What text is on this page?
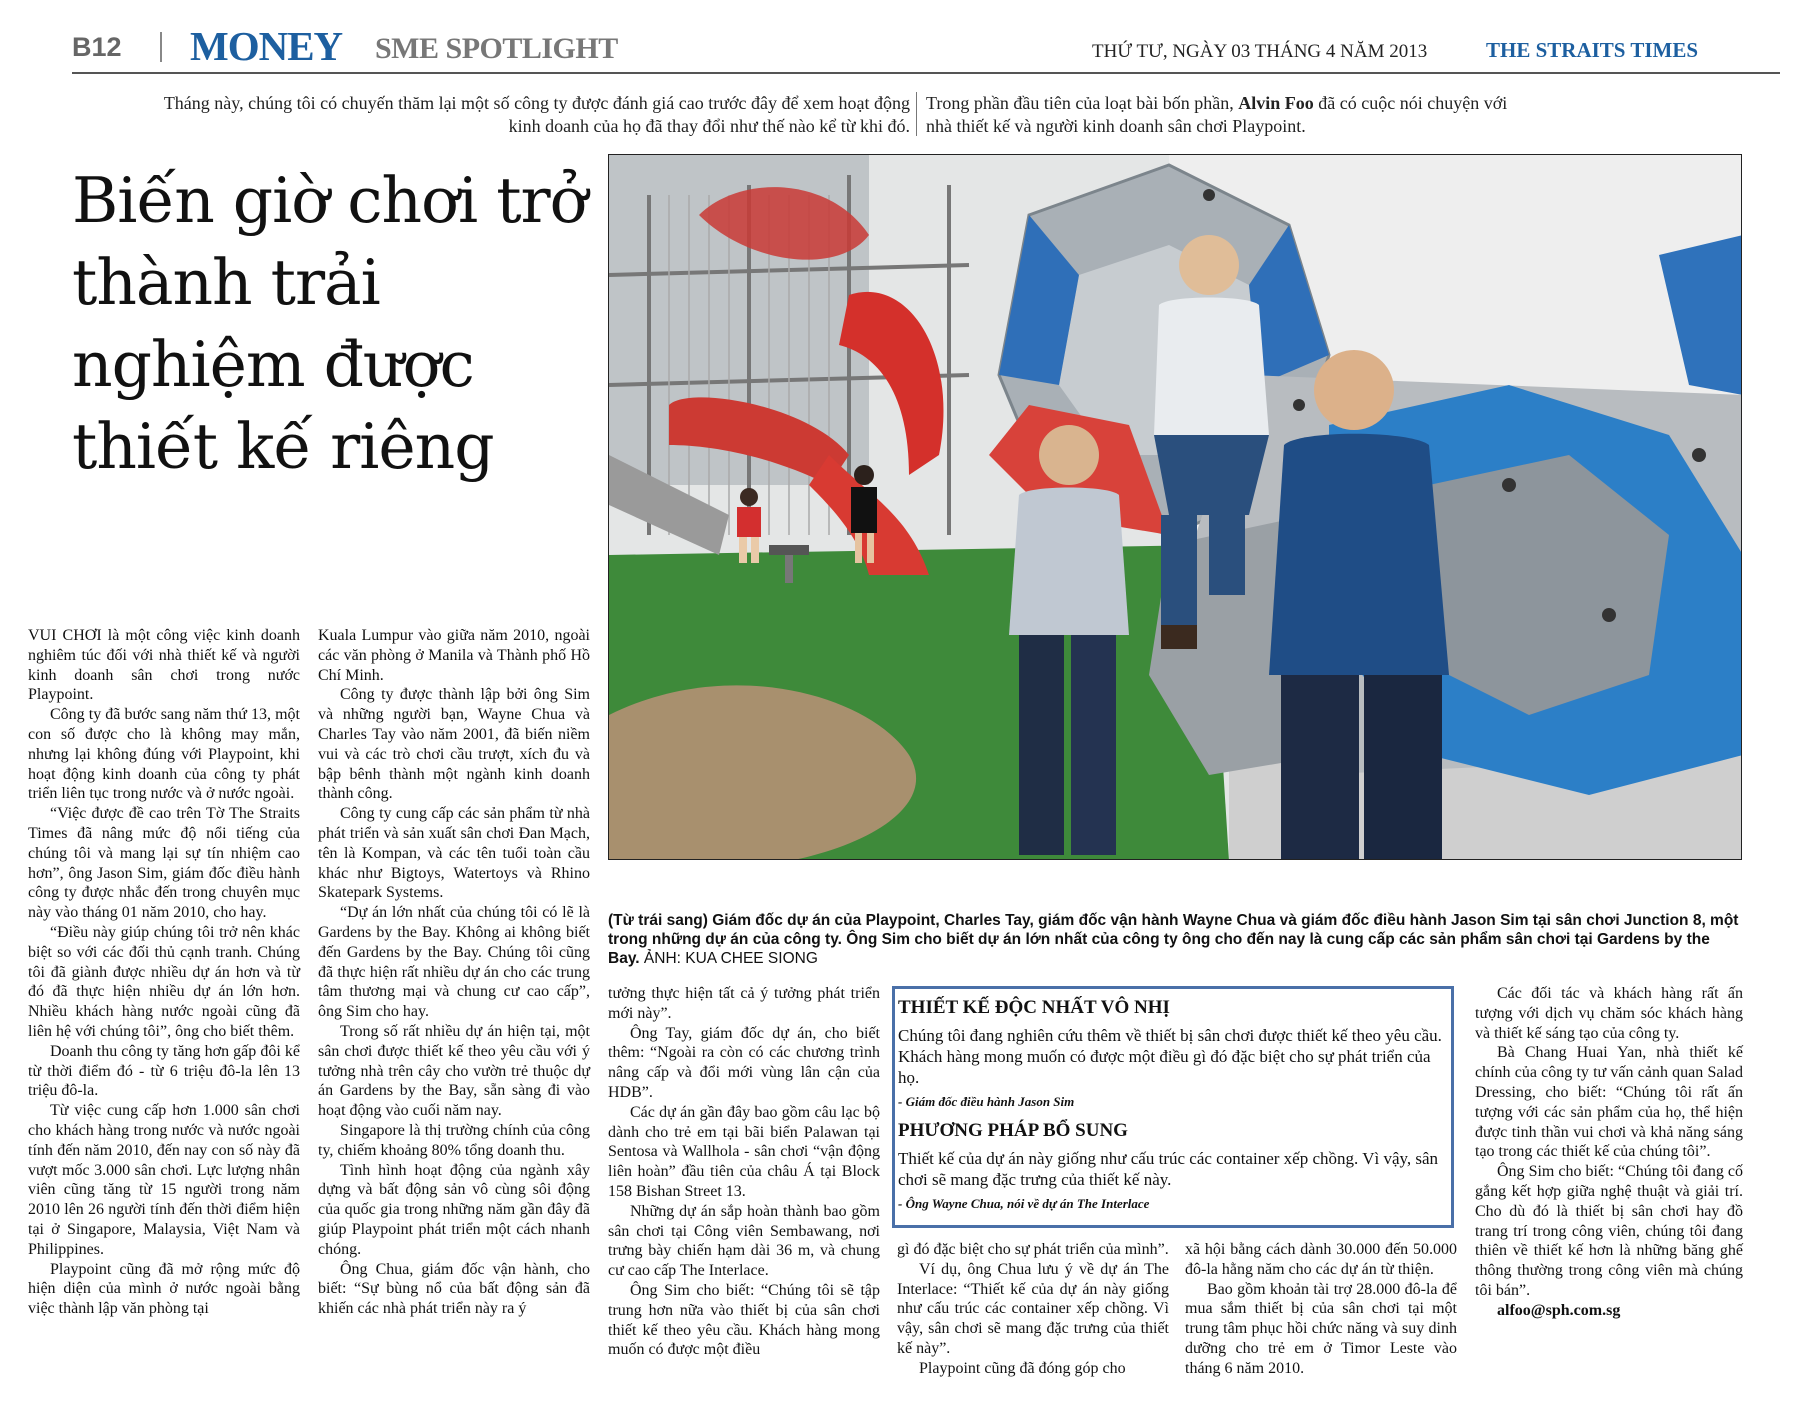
B12 MONEY SME SPOTLIGHT	THỨ TƯ, NGÀY 03 THÁNG 4 NĂM 2013	THE STRAITS TIMES
Tháng này, chúng tôi có chuyến thăm lại một số công ty được đánh giá cao trước đây để xem hoạt động kinh doanh của họ đã thay đổi như thế nào kể từ khi đó.
Trong phần đầu tiên của loạt bài bốn phần, Alvin Foo đã có cuộc nói chuyện với nhà thiết kế và người kinh doanh sân chơi Playpoint.
Biến giờ chơi trở thành trải nghiệm được thiết kế riêng
(Từ trái sang) Giám đốc dự án của Playpoint, Charles Tay, giám đốc vận hành Wayne Chua và giám đốc điều hành Jason Sim tại sân chơi Junction 8, một trong những dự án của công ty. Ông Sim cho biết dự án lớn nhất của công ty ông cho đến nay là cung cấp các sản phẩm sân chơi tại Gardens by the Bay. ẢNH: KUA CHEE SIONG

VUI CHƠI là một công việc kinh doanh nghiêm túc đối với nhà thiết kế và người kinh doanh sân chơi trong nước Playpoint.

Công ty đã bước sang năm thứ 13, một con số được cho là không may mắn, nhưng lại không đúng với Playpoint, khi hoạt động kinh doanh của công ty phát triển liên tục trong nước và ở nước ngoài.

“Việc được đề cao trên Tờ The Straits Times đã nâng mức độ nổi tiếng của chúng tôi và mang lại sự tín nhiệm cao hơn”, ông Jason Sim, giám đốc điều hành công ty được nhắc đến trong chuyên mục này vào tháng 01 năm 2010, cho hay.

“Điều này giúp chúng tôi trở nên khác biệt so với các đối thủ cạnh tranh. Chúng tôi đã giành được nhiều dự án hơn và từ đó đã thực hiện nhiều dự án lớn hơn. Nhiều khách hàng nước ngoài cũng đã liên hệ với chúng tôi”, ông cho biết thêm.

Doanh thu công ty tăng hơn gấp đôi kể từ thời điểm đó - từ 6 triệu đô-la lên 13 triệu đô-la.

Từ việc cung cấp hơn 1.000 sân chơi cho khách hàng trong nước và nước ngoài tính đến năm 2010, đến nay con số này đã vượt mốc 3.000 sân chơi. Lực lượng nhân viên cũng tăng từ 15 người trong năm 2010 lên 26 người tính đến thời điểm hiện tại ở Singapore, Malaysia, Việt Nam và Philippines.

Playpoint cũng đã mở rộng mức độ hiện diện của mình ở nước ngoài bằng việc thành lập văn phòng tại

Kuala Lumpur vào giữa năm 2010, ngoài các văn phòng ở Manila và Thành phố Hồ Chí Minh.

Công ty được thành lập bởi ông Sim và những người bạn, Wayne Chua và Charles Tay vào năm 2001, đã biến niềm vui và các trò chơi cầu trượt, xích đu và bập bênh thành một ngành kinh doanh thành công.

Công ty cung cấp các sản phẩm từ nhà phát triển và sản xuất sân chơi Đan Mạch, tên là Kompan, và các tên tuổi toàn cầu khác như Bigtoys, Watertoys và Rhino Skatepark Systems.

“Dự án lớn nhất của chúng tôi có lẽ là Gardens by the Bay. Không ai không biết đến Gardens by the Bay. Chúng tôi cũng đã thực hiện rất nhiều dự án cho các trung tâm thương mại và chung cư cao cấp”, ông Sim cho hay.

Trong số rất nhiều dự án hiện tại, một sân chơi được thiết kế theo yêu cầu với ý tưởng nhà trên cây cho vườn trẻ thuộc dự án Gardens by the Bay, sẵn sàng đi vào hoạt động vào cuối năm nay.

Singapore là thị trường chính của công ty, chiếm khoảng 80% tổng doanh thu.

Tình hình hoạt động của ngành xây dựng và bất động sản vô cùng sôi động của quốc gia trong những năm gần đây đã giúp Playpoint phát triển một cách nhanh chóng.

Ông Chua, giám đốc vận hành, cho biết: “Sự bùng nổ của bất động sản đã khiến các nhà phát triển này ra ý

tưởng thực hiện tất cả ý tưởng phát triển mới này”.

Ông Tay, giám đốc dự án, cho biết thêm: “Ngoài ra còn có các chương trình nâng cấp và đổi mới vùng lân cận của HDB”.

Các dự án gần đây bao gồm câu lạc bộ dành cho trẻ em tại bãi biển Palawan tại Sentosa và Wallhola - sân chơi “vận động liên hoàn” đầu tiên của châu Á tại Block 158 Bishan Street 13.

Những dự án sắp hoàn thành bao gồm sân chơi tại Công viên Sembawang, nơi trưng bày chiến hạm dài 36 m, và chung cư cao cấp The Interlace.

Ông Sim cho biết: “Chúng tôi sẽ tập trung hơn nữa vào thiết bị của sân chơi thiết kế theo yêu cầu. Khách hàng mong muốn có được một điều

gì đó đặc biệt cho sự phát triển của mình”.

Ví dụ, ông Chua lưu ý về dự án The Interlace: “Thiết kế của dự án này giống như cấu trúc các container xếp chồng. Vì vậy, sân chơi sẽ mang đặc trưng của thiết kế này”.

Playpoint cũng đã đóng góp cho

xã hội bằng cách dành 30.000 đến 50.000 đô-la hằng năm cho các dự án từ thiện.

Bao gồm khoản tài trợ 28.000 đô-la để mua sắm thiết bị của sân chơi tại một trung tâm phục hồi chức năng và suy dinh dưỡng cho trẻ em ở Timor Leste vào tháng 6 năm 2010.

Các đối tác và khách hàng rất ấn tượng với dịch vụ chăm sóc khách hàng và thiết kế sáng tạo của công ty.

Bà Chang Huai Yan, nhà thiết kế chính của công ty tư vấn cảnh quan Salad Dressing, cho biết: “Chúng tôi rất ấn tượng với các sản phẩm của họ, thể hiện được tinh thần vui chơi và khả năng sáng tạo trong các thiết kế của chúng tôi”.

Ông Sim cho biết: “Chúng tôi đang cố gắng kết hợp giữa nghệ thuật và giải trí. Cho dù đó là thiết bị sân chơi hay đồ trang trí trong công viên, chúng tôi đang thiên về thiết kế hơn là những băng ghế thông thường trong công viên mà chúng tôi bán”.

alfoo@sph.com.sg

THIẾT KẾ ĐỘC NHẤT VÔ NHỊ

Chúng tôi đang nghiên cứu thêm về thiết bị sân chơi được thiết kế theo yêu cầu. Khách hàng mong muốn có được một điều gì đó đặc biệt cho sự phát triển của họ.

- Giám đốc điều hành Jason Sim

PHƯƠNG PHÁP BỔ SUNG

Thiết kế của dự án này giống như cấu trúc các container xếp chồng. Vì vậy, sân chơi sẽ mang đặc trưng của thiết kế này.

- Ông Wayne Chua, nói về dự án The Interlace
